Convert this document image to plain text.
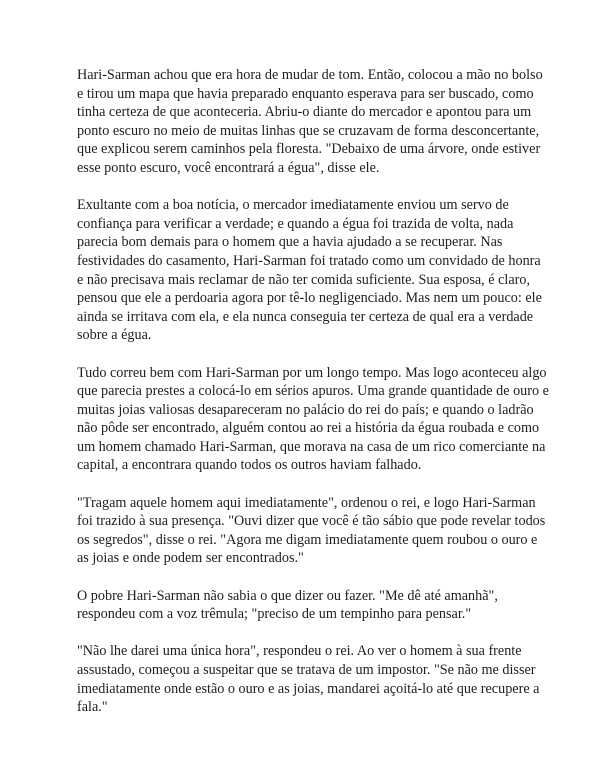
Hari-Sarman achou que era hora de mudar de tom. Então, colocou a mão no bolso e tirou um mapa que havia preparado enquanto esperava para ser buscado, como tinha certeza de que aconteceria. Abriu-o diante do mercador e apontou para um ponto escuro no meio de muitas linhas que se cruzavam de forma desconcertante, que explicou serem caminhos pela floresta. "Debaixo de uma árvore, onde estiver esse ponto escuro, você encontrará a égua", disse ele.

Exultante com a boa notícia, o mercador imediatamente enviou um servo de confiança para verificar a verdade; e quando a égua foi trazida de volta, nada parecia bom demais para o homem que a havia ajudado a se recuperar. Nas festividades do casamento, Hari-Sarman foi tratado como um convidado de honra e não precisava mais reclamar de não ter comida suficiente. Sua esposa, é claro, pensou que ele a perdoaria agora por tê-lo negligenciado. Mas nem um pouco: ele ainda se irritava com ela, e ela nunca conseguia ter certeza de qual era a verdade sobre a égua.

Tudo correu bem com Hari-Sarman por um longo tempo. Mas logo aconteceu algo que parecia prestes a colocá-lo em sérios apuros. Uma grande quantidade de ouro e muitas joias valiosas desapareceram no palácio do rei do país; e quando o ladrão não pôde ser encontrado, alguém contou ao rei a história da égua roubada e como um homem chamado Hari-Sarman, que morava na casa de um rico comerciante na capital, a encontrara quando todos os outros haviam falhado.

"Tragam aquele homem aqui imediatamente", ordenou o rei, e logo Hari-Sarman foi trazido à sua presença. "Ouvi dizer que você é tão sábio que pode revelar todos os segredos", disse o rei. "Agora me digam imediatamente quem roubou o ouro e as joias e onde podem ser encontrados."

O pobre Hari-Sarman não sabia o que dizer ou fazer. "Me dê até amanhã", respondeu com a voz trêmula; "preciso de um tempinho para pensar."

"Não lhe darei uma única hora", respondeu o rei. Ao ver o homem à sua frente assustado, começou a suspeitar que se tratava de um impostor. "Se não me disser imediatamente onde estão o ouro e as joias, mandarei açoitá-lo até que recupere a fala."
